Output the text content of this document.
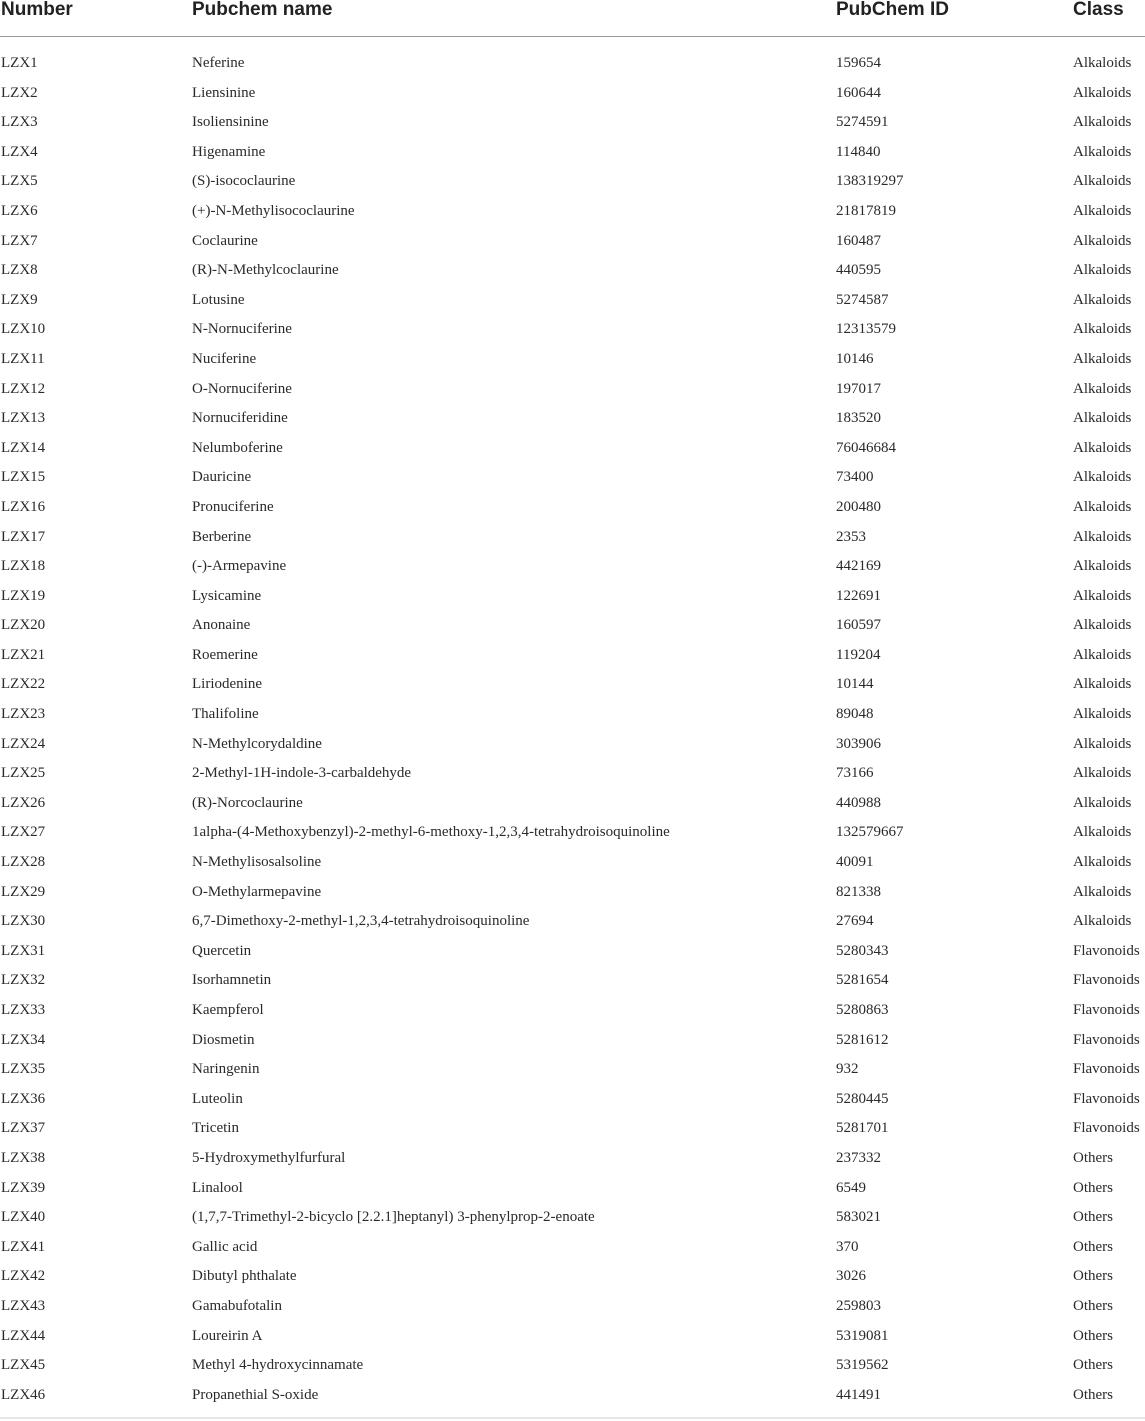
Number	Pubchem name	PubChem ID	Class
LZX1	Neferine	159654	Alkaloids
LZX2	Liensinine	160644	Alkaloids
LZX3	Isoliensinine	5274591	Alkaloids
LZX4	Higenamine	114840	Alkaloids
LZX5	(S)-isococlaurine	138319297	Alkaloids
LZX6	(+)-N-Methylisococlaurine	21817819	Alkaloids
LZX7	Coclaurine	160487	Alkaloids
LZX8	(R)-N-Methylcoclaurine	440595	Alkaloids
LZX9	Lotusine	5274587	Alkaloids
LZX10	N-Nornuciferine	12313579	Alkaloids
LZX11	Nuciferine	10146	Alkaloids
LZX12	O-Nornuciferine	197017	Alkaloids
LZX13	Nornuciferidine	183520	Alkaloids
LZX14	Nelumboferine	76046684	Alkaloids
LZX15	Dauricine	73400	Alkaloids
LZX16	Pronuciferine	200480	Alkaloids
LZX17	Berberine	2353	Alkaloids
LZX18	(-)-Armepavine	442169	Alkaloids
LZX19	Lysicamine	122691	Alkaloids
LZX20	Anonaine	160597	Alkaloids
LZX21	Roemerine	119204	Alkaloids
LZX22	Liriodenine	10144	Alkaloids
LZX23	Thalifoline	89048	Alkaloids
LZX24	N-Methylcorydaldine	303906	Alkaloids
LZX25	2-Methyl-1H-indole-3-carbaldehyde	73166	Alkaloids
LZX26	(R)-Norcoclaurine	440988	Alkaloids
LZX27	1alpha-(4-Methoxybenzyl)-2-methyl-6-methoxy-1,2,3,4-tetrahydroisoquinoline	132579667	Alkaloids
LZX28	N-Methylisosalsoline	40091	Alkaloids
LZX29	O-Methylarmepavine	821338	Alkaloids
LZX30	6,7-Dimethoxy-2-methyl-1,2,3,4-tetrahydroisoquinoline	27694	Alkaloids
LZX31	Quercetin	5280343	Flavonoids
LZX32	Isorhamnetin	5281654	Flavonoids
LZX33	Kaempferol	5280863	Flavonoids
LZX34	Diosmetin	5281612	Flavonoids
LZX35	Naringenin	932	Flavonoids
LZX36	Luteolin	5280445	Flavonoids
LZX37	Tricetin	5281701	Flavonoids
LZX38	5-Hydroxymethylfurfural	237332	Others
LZX39	Linalool	6549	Others
LZX40	(1,7,7-Trimethyl-2-bicyclo [2.2.1]heptanyl) 3-phenylprop-2-enoate	583021	Others
LZX41	Gallic acid	370	Others
LZX42	Dibutyl phthalate	3026	Others
LZX43	Gamabufotalin	259803	Others
LZX44	Loureirin A	5319081	Others
LZX45	Methyl 4-hydroxycinnamate	5319562	Others
LZX46	Propanethial S-oxide	441491	Others
